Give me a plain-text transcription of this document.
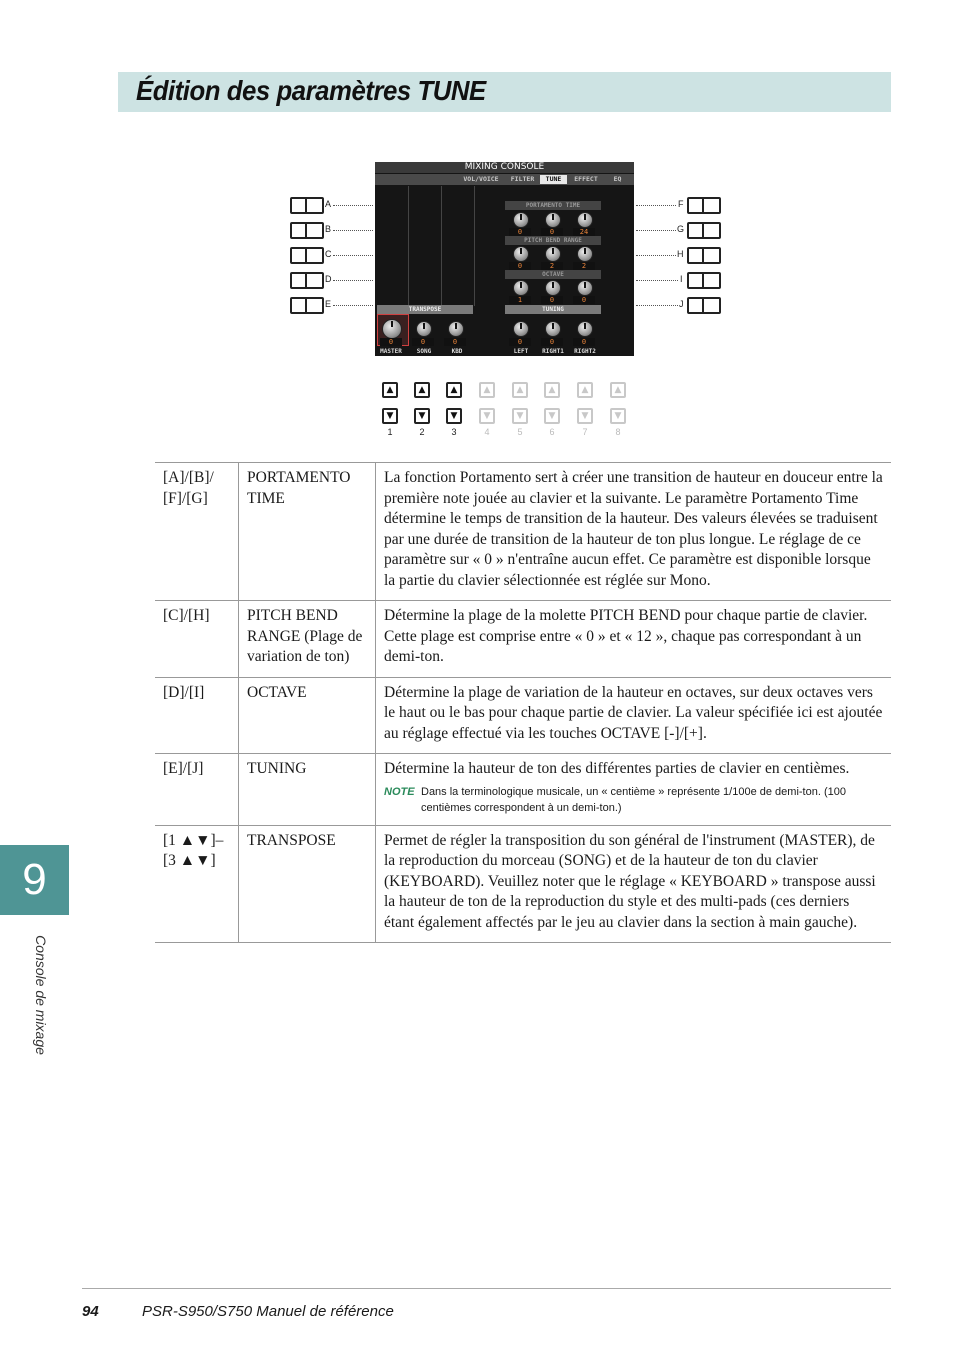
Édition des paramètres TUNE
MIXING CONSOLE
VOL/VOICE	FILTER	TUNE	EFFECT	EQ
PORTAMENTO TIME
0	0	24
PITCH BEND RANGE
0	2	2
OCTAVE
1	0	0
TRANSPOSE
0	0	0
TUNING
0	0	0
MASTER	SONG	KBD	LEFT	RIGHT1	RIGHT2
A
B
C
D
E
F
G
H
I
J
▲
▼
1
▲
▼
2
▲
▼
3
▲
▼
4
▲
▼
5
▲
▼
6
▲
▼
7
▲
▼
8
[A]/[B]/ [F]/[G]	PORTAMENTO TIME	La fonction Portamento sert à créer une transition de hauteur en douceur entre la première note jouée au clavier et la suivante. Le paramètre Portamento Time détermine le temps de transition de la hauteur. Des valeurs élevées se traduisent par une durée de transition de la hauteur de ton plus longue. Le réglage de ce paramètre sur « 0 » n'entraîne aucun effet. Ce paramètre est disponible lorsque la partie du clavier sélectionnée est réglée sur Mono.
[C]/[H]	PITCH BEND RANGE (Plage de variation de ton)	Détermine la plage de la molette PITCH BEND pour chaque partie de clavier. Cette plage est comprise entre « 0 » et « 12 », chaque pas correspondant à un demi-ton.
[D]/[I]	OCTAVE	Détermine la plage de variation de la hauteur en octaves, sur deux octaves vers le haut ou le bas pour chaque partie de clavier. La valeur spécifiée ici est ajoutée au réglage effectué via les touches OCTAVE [-]/[+].
[E]/[J]	TUNING	Détermine la hauteur de ton des différentes parties de clavier en centièmes.
NOTE Dans la terminologique musicale, un « centième » représente 1/100e de demi-ton. (100 centièmes correspondent à un demi-ton.)

[1 ▲▼]– [3 ▲▼]	TRANSPOSE	Permet de régler la transposition du son général de l'instrument (MASTER), de la reproduction du morceau (SONG) et de la hauteur de ton du clavier (KEYBOARD). Veuillez noter que le réglage « KEYBOARD » transpose aussi la hauteur de ton de la reproduction du style et des multi-pads (ces derniers étant également affectés par le jeu au clavier dans la section à main gauche).
9
Console de mixage
94	PSR-S950/S750 Manuel de référence
